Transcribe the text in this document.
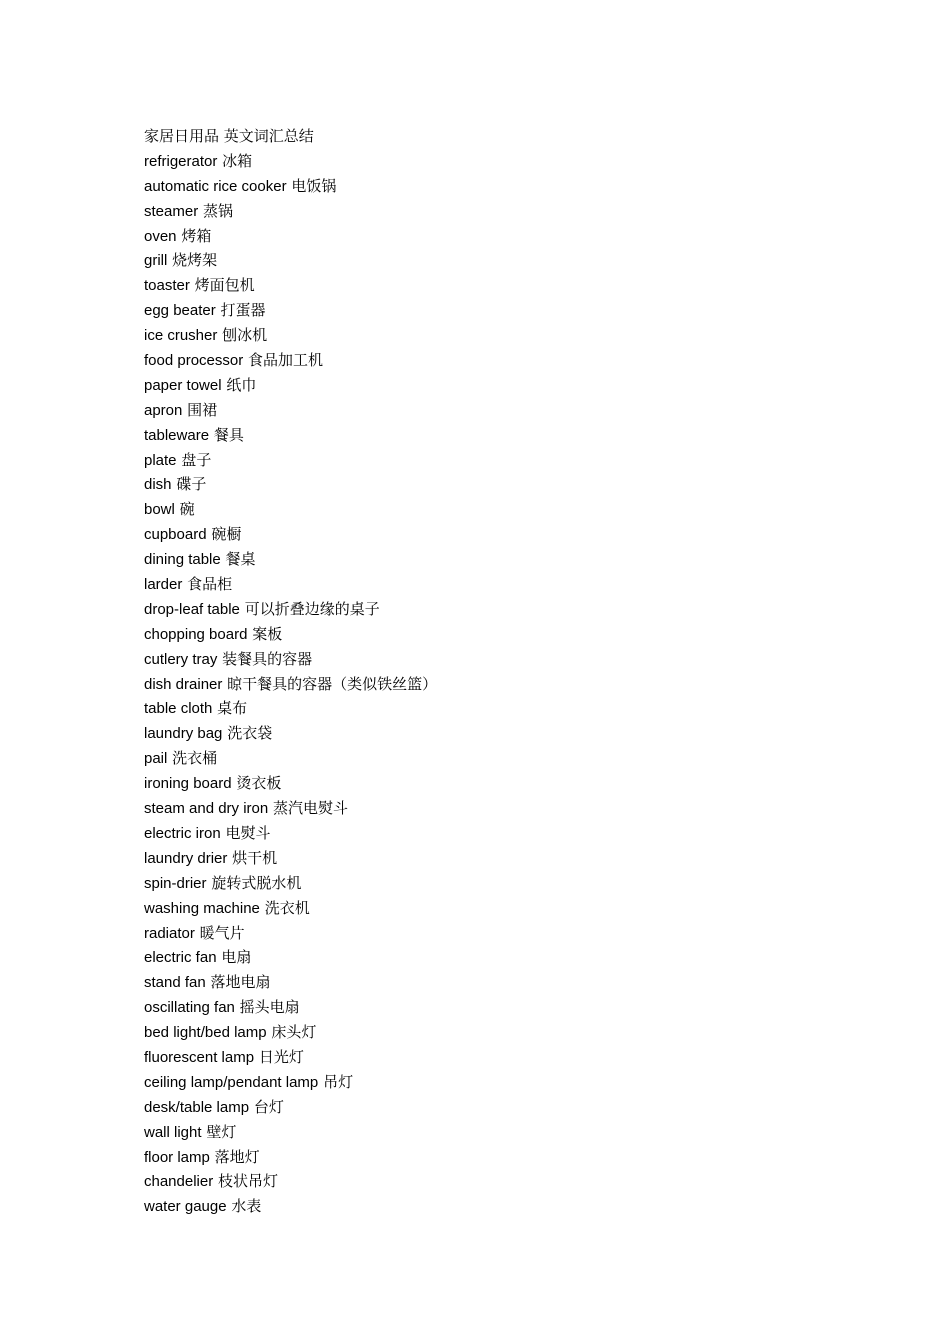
家居日用品 英文词汇总结
refrigerator 冰箱
automatic rice cooker 电饭锅
steamer 蒸锅
oven 烤箱
grill 烧烤架
toaster 烤面包机
egg beater 打蛋器
ice crusher 刨冰机
food processor 食品加工机
paper towel 纸巾
apron 围裙
tableware 餐具
plate 盘子
dish 碟子
bowl 碗
cupboard 碗橱
dining table 餐桌
larder 食品柜
drop-leaf table 可以折叠边缘的桌子
chopping board 案板
cutlery tray 装餐具的容器
dish drainer 晾干餐具的容器（类似铁丝篮）
table cloth 桌布
laundry bag 洗衣袋
pail 洗衣桶
ironing board 烫衣板
steam and dry iron 蒸汽电熨斗
electric iron 电熨斗
laundry drier 烘干机
spin-drier 旋转式脱水机
washing machine 洗衣机
radiator 暖气片
electric fan 电扇
stand fan 落地电扇
oscillating fan 摇头电扇
bed light/bed lamp 床头灯
fluorescent lamp 日光灯
ceiling lamp/pendant lamp 吊灯
desk/table lamp 台灯
wall light 壁灯
floor lamp 落地灯
chandelier 枝状吊灯
water gauge 水表
